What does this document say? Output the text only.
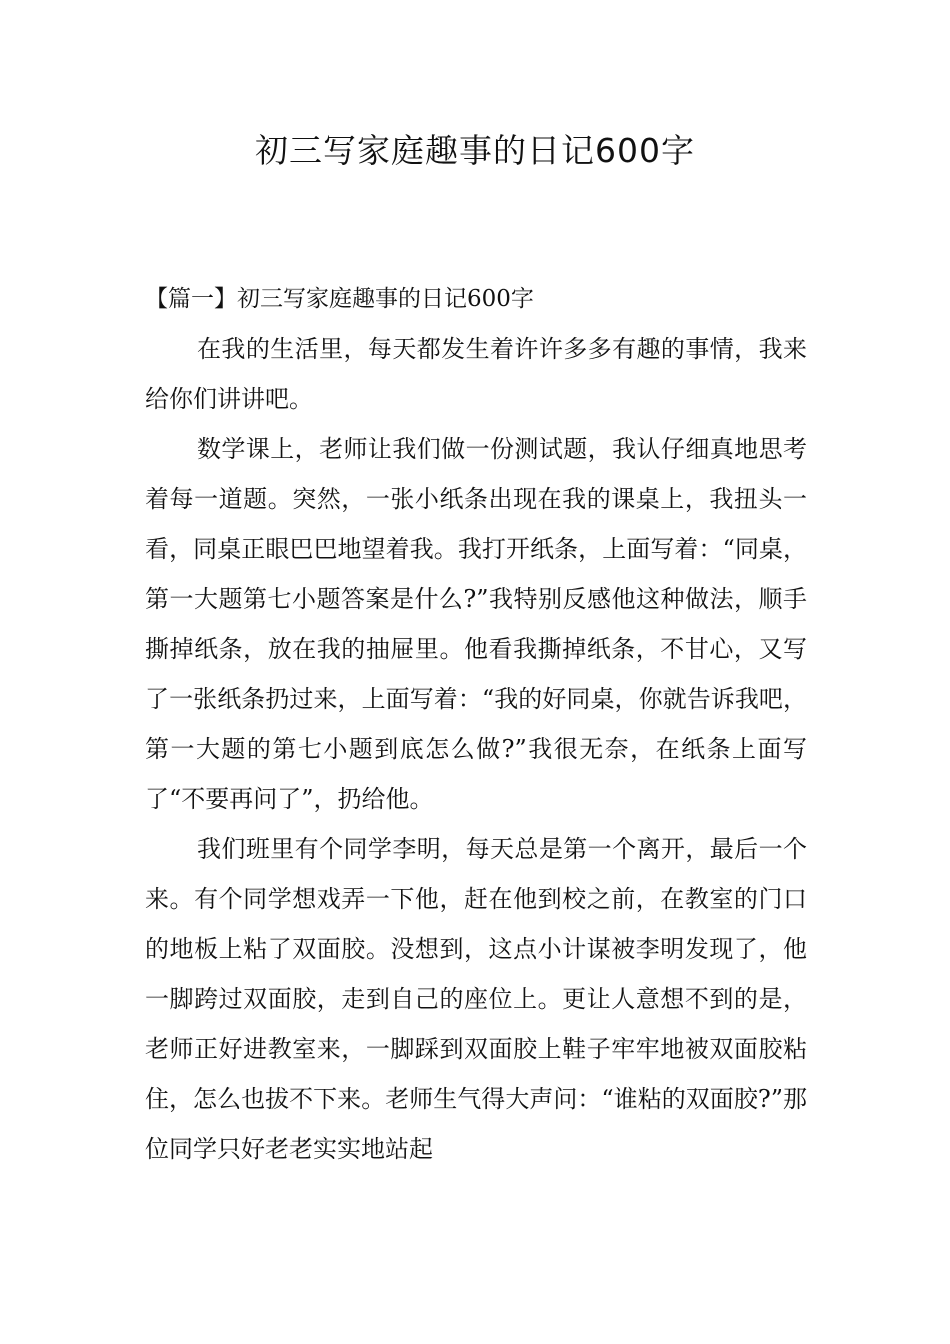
初三写家庭趣事的日记600字

【篇一】初三写家庭趣事的日记600字

在我的生活里，每天都发生着许许多多有趣的事情，我来给你们讲讲吧。

数学课上，老师让我们做一份测试题，我认仔细真地思考着每一道题。突然，一张小纸条出现在我的课桌上，我扭头一看，同桌正眼巴巴地望着我。我打开纸条，上面写着：“同桌，第一大题第七小题答案是什么?”我特别反感他这种做法，顺手撕掉纸条，放在我的抽屉里。他看我撕掉纸条，不甘心，又写了一张纸条扔过来，上面写着：“我的好同桌，你就告诉我吧，第一大题的第七小题到底怎么做?”我很无奈，在纸条上面写了“不要再问了”，扔给他。

我们班里有个同学李明，每天总是第一个离开，最后一个来。有个同学想戏弄一下他，赶在他到校之前，在教室的门口的地板上粘了双面胶。没想到，这点小计谋被李明发现了，他一脚跨过双面胶，走到自己的座位上。更让人意想不到的是，老师正好进教室来，一脚踩到双面胶上鞋子牢牢地被双面胶粘住，怎么也拔不下来。老师生气得大声问：“谁粘的双面胶?”那位同学只好老老实实地站起
